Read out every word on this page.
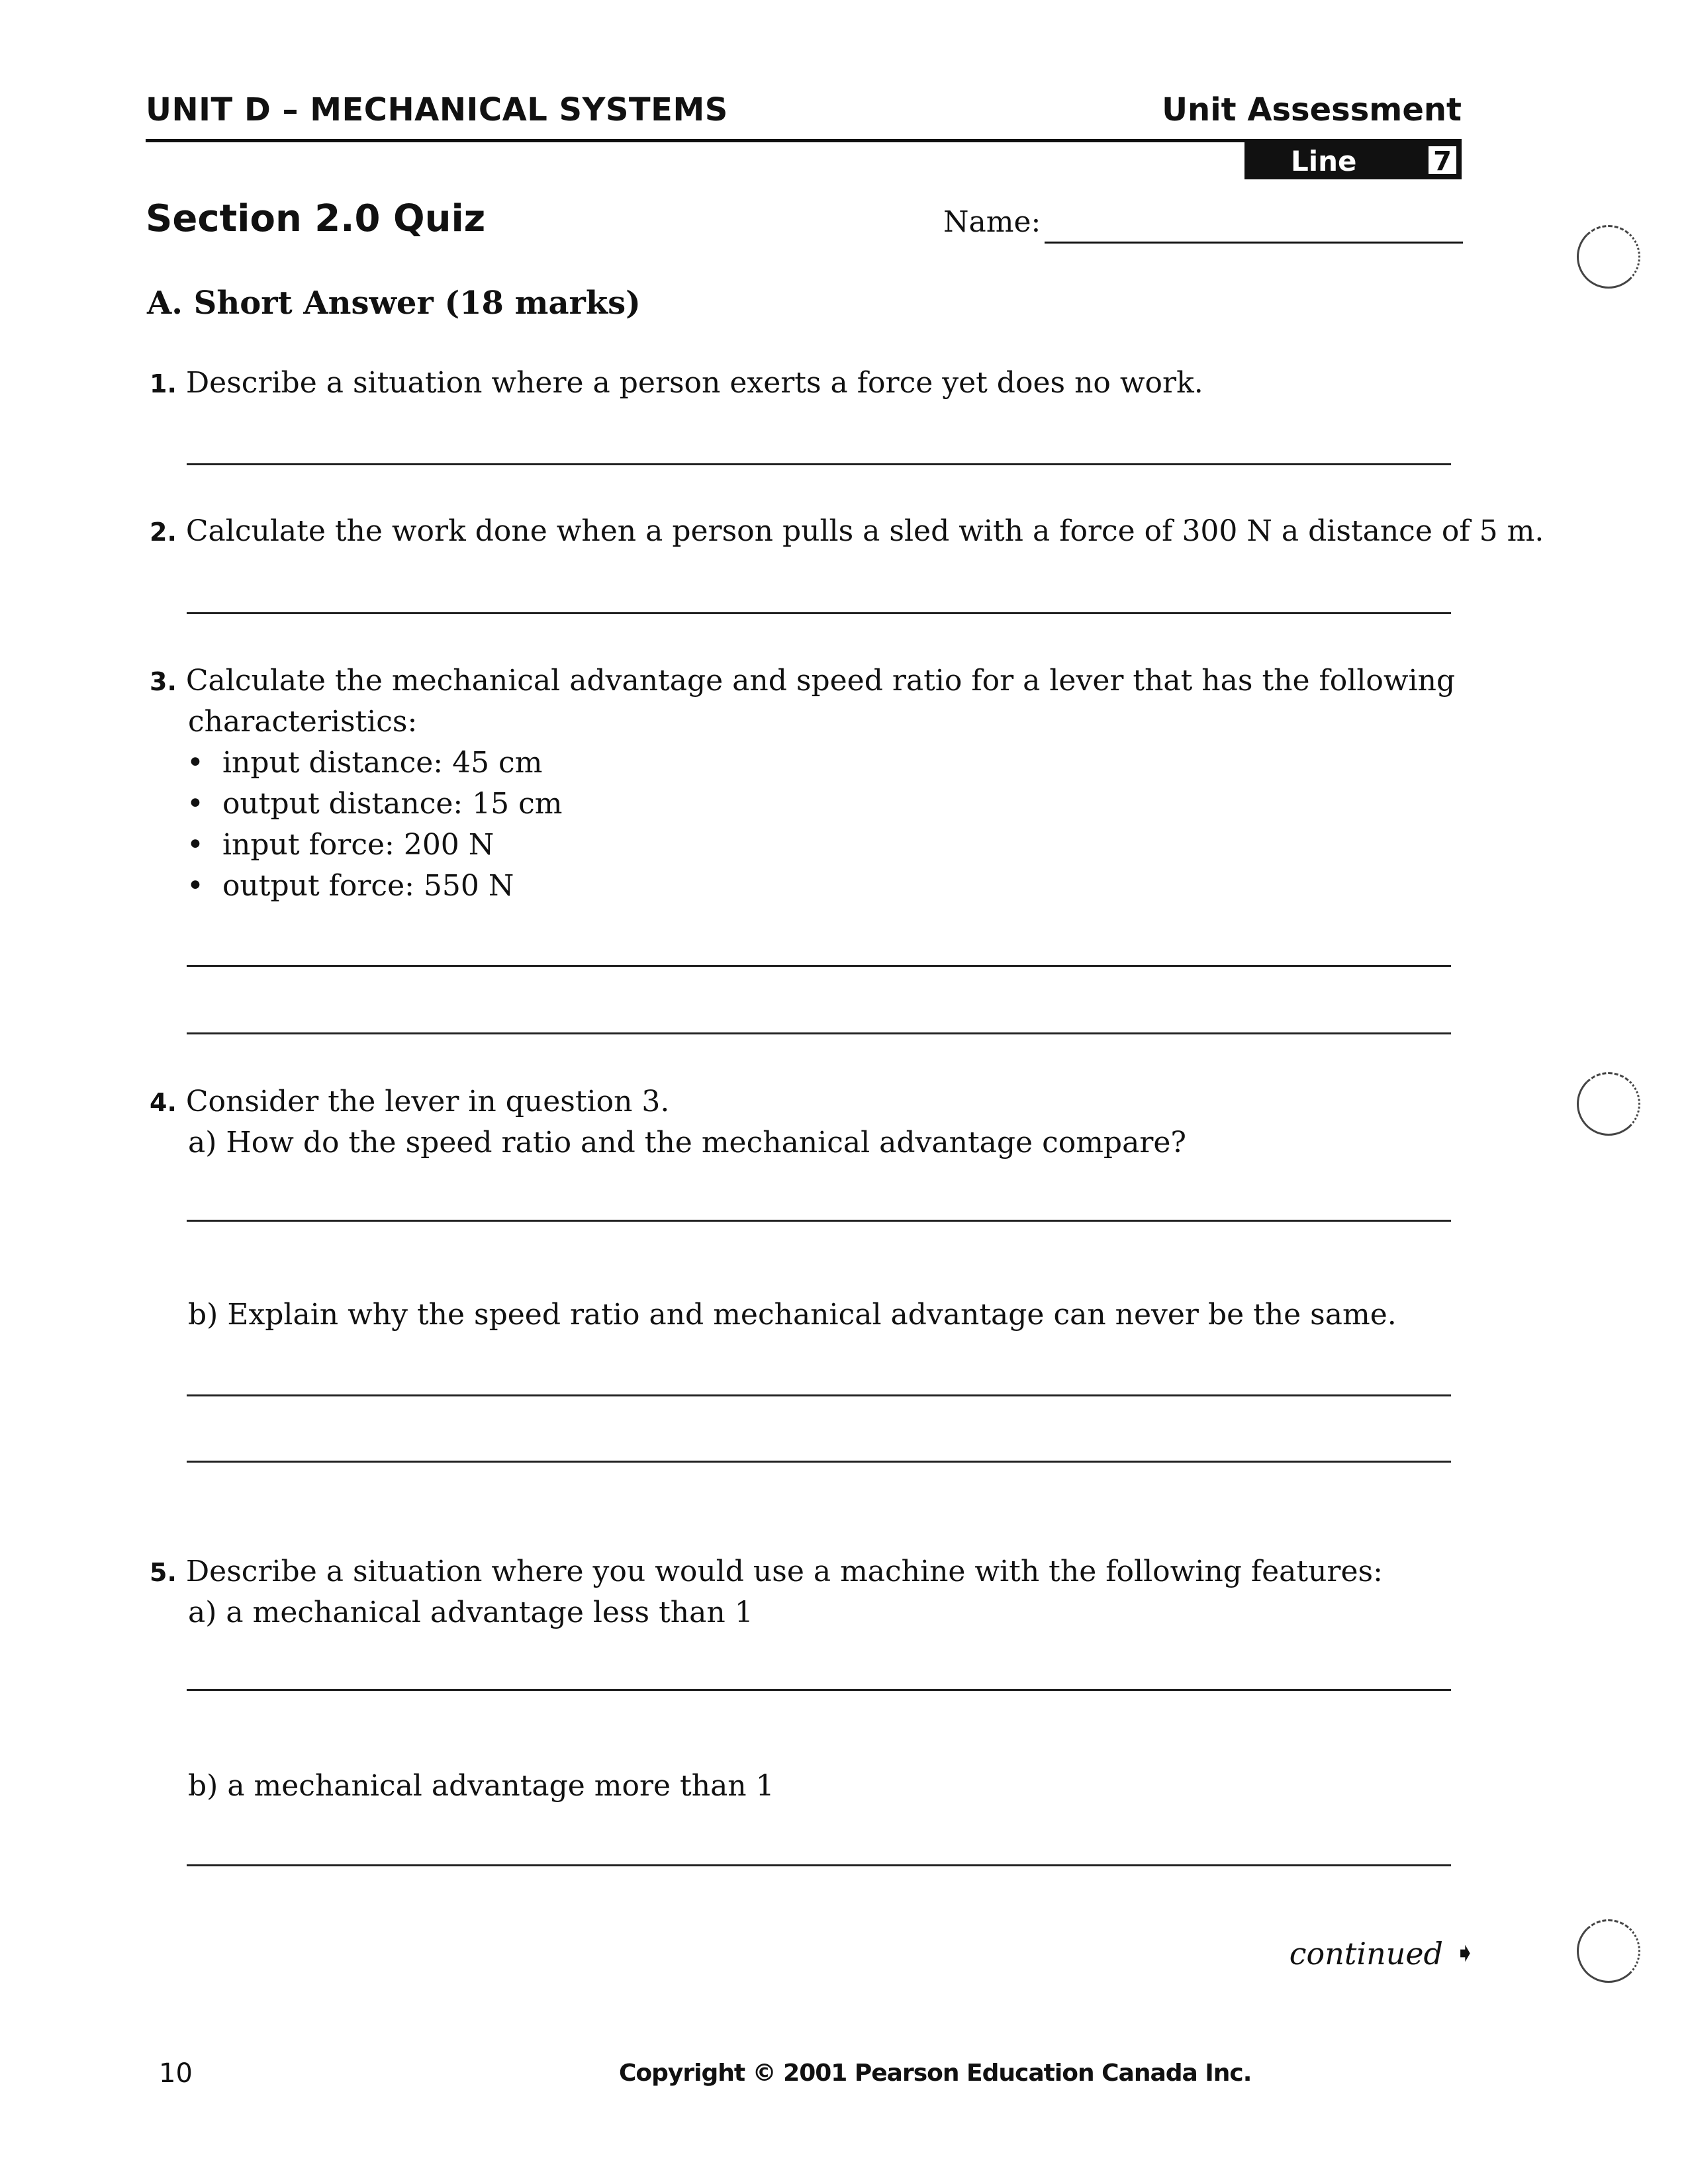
UNIT D – MECHANICAL SYSTEMS	Unit Assessment
Line Master
7
Section 2.0 Quiz	Name:
A. Short Answer (18 marks)
1. Describe a situation where a person exerts a force yet does no work.
2. Calculate the work done when a person pulls a sled with a force of 300 N a distance of 5 m.
3. Calculate the mechanical advantage and speed ratio for a lever that has the following
characteristics:
•  input distance: 45 cm
•  output distance: 15 cm
•  input force: 200 N
•  output force: 550 N
4. Consider the lever in question 3.
a) How do the speed ratio and the mechanical advantage compare?
b) Explain why the speed ratio and mechanical advantage can never be the same.
5. Describe a situation where you would use a machine with the following features:
a) a mechanical advantage less than 1
b) a mechanical advantage more than 1
continued ➧
10	Copyright © 2001 Pearson Education Canada Inc.
